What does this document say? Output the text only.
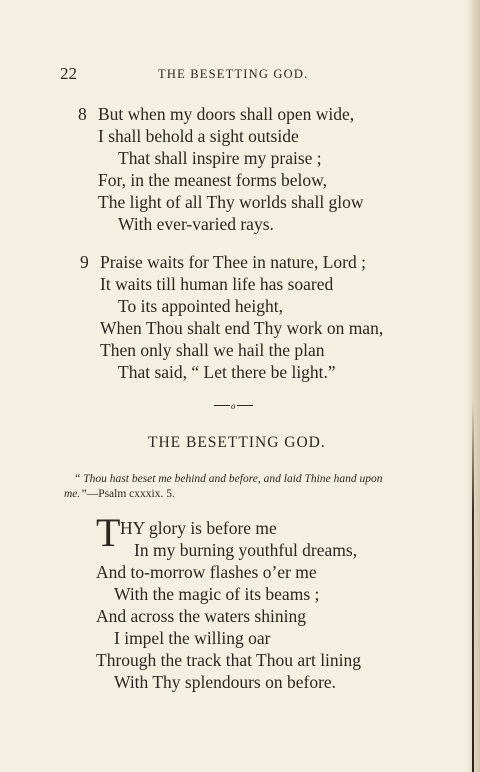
22	THE BESETTING GOD.
8 But when my doors shall open wide,
I shall behold a sight outside
That shall inspire my praise ;
For, in the meanest forms below,
The light of all Thy worlds shall glow
With ever-varied rays.
9 Praise waits for Thee in nature, Lord ;
It waits till human life has soared
To its appointed height,
When Thou shalt end Thy work on man,
Then only shall we hail the plan
That said, “ Let there be light.”
o
THE BESETTING GOD.
“ Thou hast beset me behind and before, and laid Thine hand upon
me.”—Psalm cxxxix. 5.
T HY glory is before me
In my burning youthful dreams,
And to-morrow flashes o’er me
With the magic of its beams ;
And across the waters shining
I impel the willing oar
Through the track that Thou art lining
With Thy splendours on before.
